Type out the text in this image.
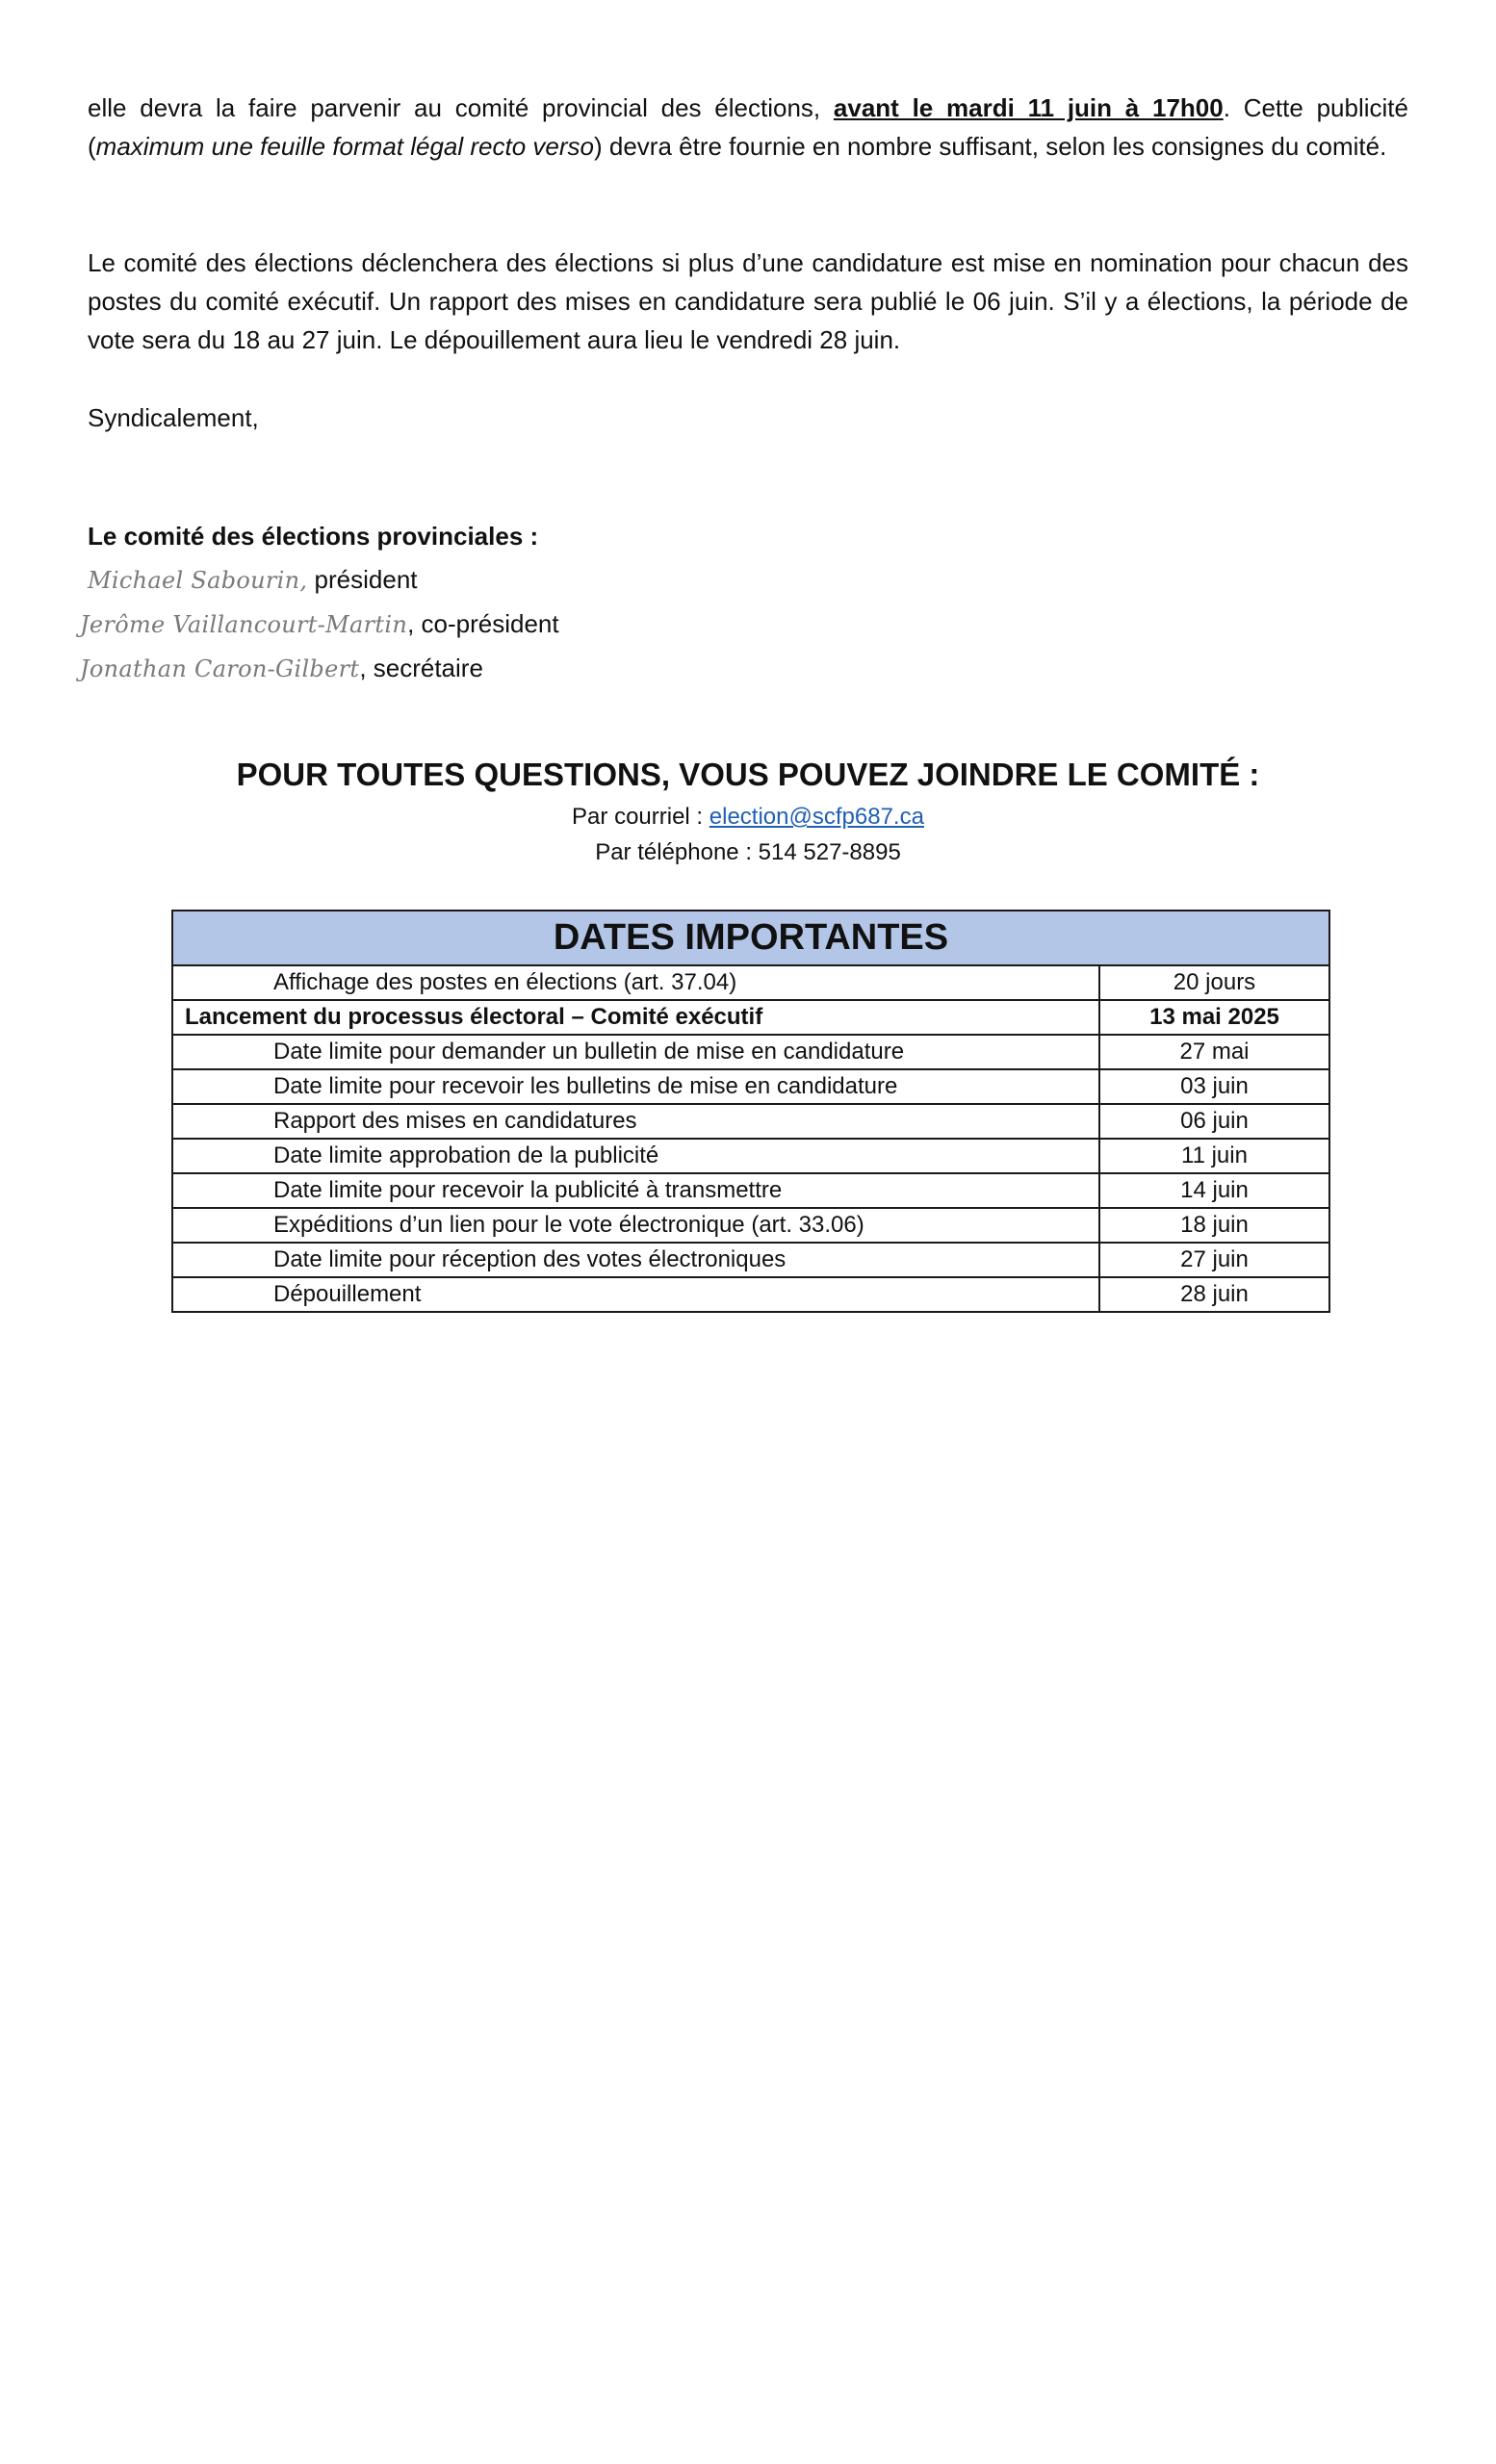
elle devra la faire parvenir au comité provincial des élections, avant le mardi 11 juin à 17h00. Cette publicité (maximum une feuille format légal recto verso) devra être fournie en nombre suffisant, selon les consignes du comité.

Le comité des élections déclenchera des élections si plus d’une candidature est mise en nomination pour chacun des postes du comité exécutif. Un rapport des mises en candidature sera publié le 06 juin. S’il y a élections, la période de vote sera du 18 au 27 juin. Le dépouillement aura lieu le vendredi 28 juin.

Syndicalement,

Le comité des élections provinciales :
Michael Sabourin, président
Jerôme Vaillancourt-Martin, co-président
Jonathan Caron-Gilbert, secrétaire

POUR TOUTES QUESTIONS, VOUS POUVEZ JOINDRE LE COMITÉ :

Par courriel : election@scfp687.ca

Par téléphone : 514 527-8895

DATES IMPORTANTES	
Affichage des postes en élections (art. 37.04)	20 jours
Lancement du processus électoral – Comité exécutif	13 mai 2025
Date limite pour demander un bulletin de mise en candidature	27 mai
Date limite pour recevoir les bulletins de mise en candidature	03 juin
Rapport des mises en candidatures	06 juin
Date limite approbation de la publicité	11 juin
Date limite pour recevoir la publicité à transmettre	14 juin
Expéditions d’un lien pour le vote électronique (art. 33.06)	18 juin
Date limite pour réception des votes électroniques	27 juin
Dépouillement	28 juin
